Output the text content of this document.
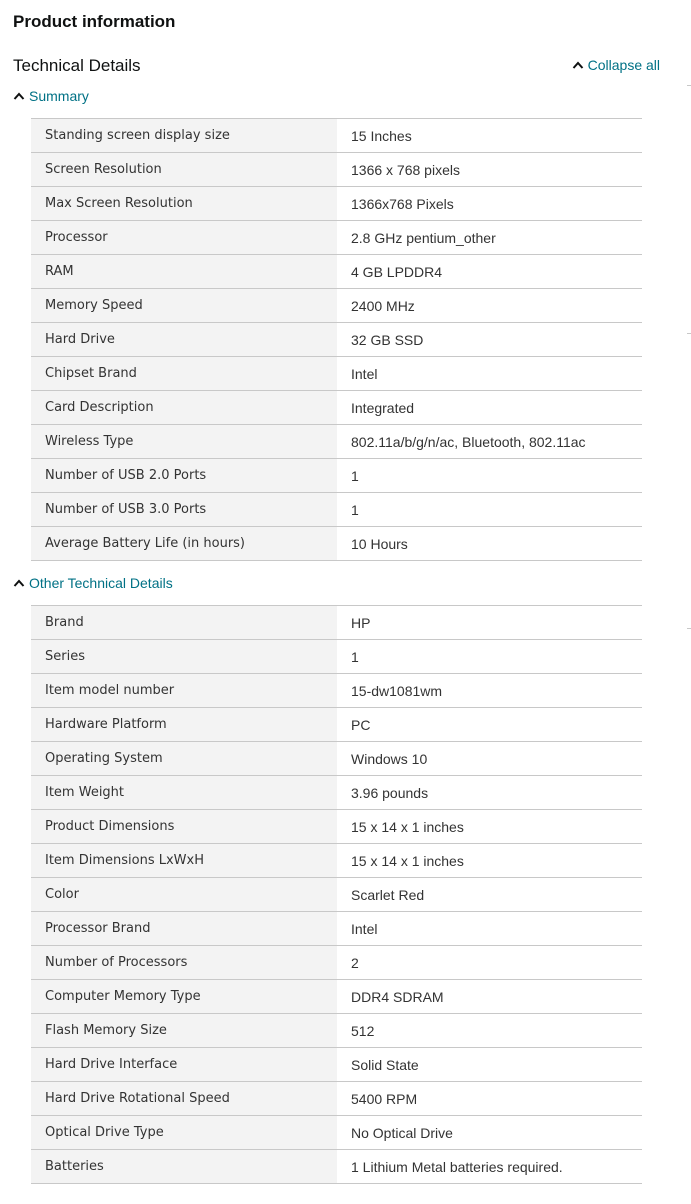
Product information
Technical Details	Collapse all
Summary
Standing screen display size	15 Inches
Screen Resolution	1366 x 768 pixels
Max Screen Resolution	1366x768 Pixels
Processor	2.8 GHz pentium_other
RAM	4 GB LPDDR4
Memory Speed	2400 MHz
Hard Drive	32 GB SSD
Chipset Brand	Intel
Card Description	Integrated
Wireless Type	802.11a/b/g/n/ac, Bluetooth, 802.11ac
Number of USB 2.0 Ports	1
Number of USB 3.0 Ports	1
Average Battery Life (in hours)	10 Hours
Other Technical Details
Brand	HP
Series	1
Item model number	15-dw1081wm
Hardware Platform	PC
Operating System	Windows 10
Item Weight	3.96 pounds
Product Dimensions	15 x 14 x 1 inches
Item Dimensions LxWxH	15 x 14 x 1 inches
Color	Scarlet Red
Processor Brand	Intel
Number of Processors	2
Computer Memory Type	DDR4 SDRAM
Flash Memory Size	512
Hard Drive Interface	Solid State
Hard Drive Rotational Speed	5400 RPM
Optical Drive Type	No Optical Drive
Batteries	1 Lithium Metal batteries required.
